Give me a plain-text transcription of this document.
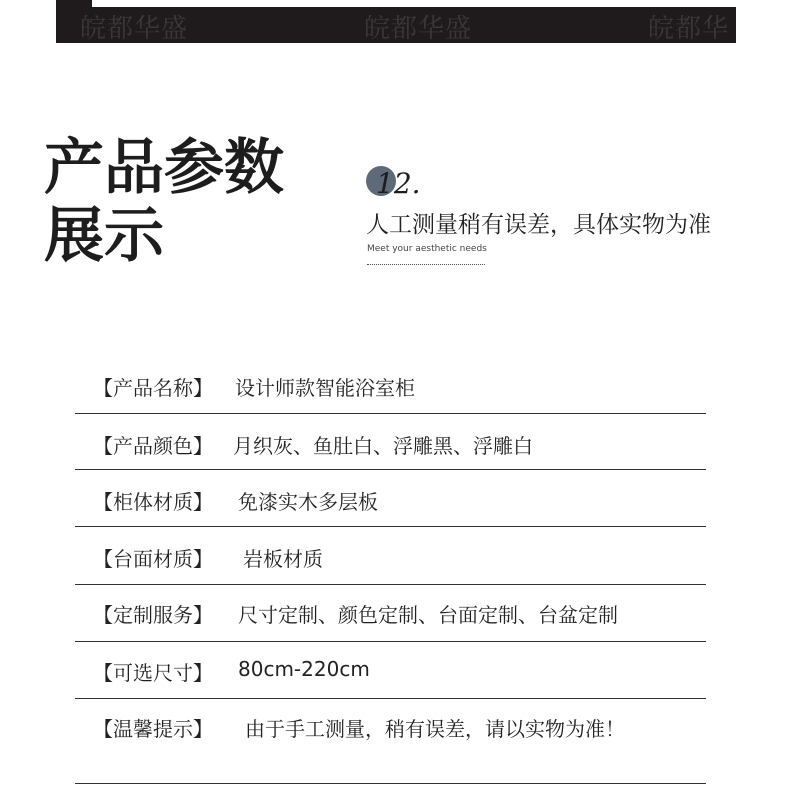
皖都华盛	皖都华盛	皖都华
产品参数
展示
12.
人工测量稍有误差，具体实物为准
Meet your aesthetic needs
【产品名称】 设计师款智能浴室柜
【产品颜色】 月织灰、鱼肚白、浮雕黑、浮雕白
【柜体材质】 免漆实木多层板
【台面材质】 岩板材质
【定制服务】 尺寸定制、颜色定制、台面定制、台盆定制
【可选尺寸】 80cm-220cm
【温馨提示】 由于手工测量，稍有误差，请以实物为准！
